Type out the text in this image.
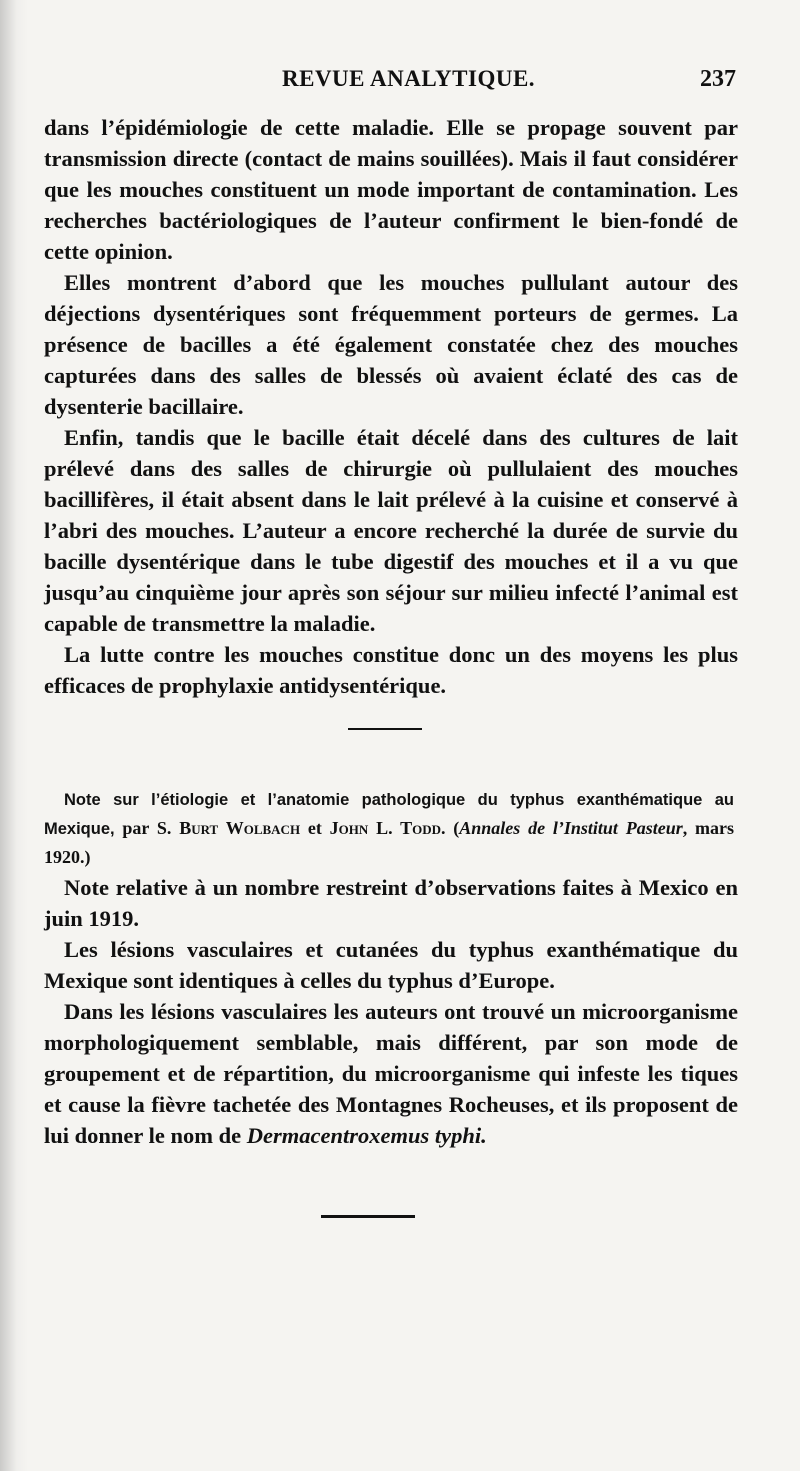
REVUE ANALYTIQUE.	237

dans l’épidémiologie de cette maladie. Elle se propage souvent par transmission directe (contact de mains souillées). Mais il faut considérer que les mouches constituent un mode important de contamination. Les recherches bactériologiques de l’auteur confirment le bien-fondé de cette opinion.

Elles montrent d’abord que les mouches pullulant autour des déjections dysentériques sont fréquemment porteurs de germes. La présence de bacilles a été également constatée chez des mouches capturées dans des salles de blessés où avaient éclaté des cas de dysenterie bacillaire.

Enfin, tandis que le bacille était décelé dans des cultures de lait prélevé dans des salles de chirurgie où pullulaient des mouches bacillifères, il était absent dans le lait prélevé à la cuisine et conservé à l’abri des mouches. L’auteur a encore recherché la durée de survie du bacille dysentérique dans le tube digestif des mouches et il a vu que jusqu’au cinquième jour après son séjour sur milieu infecté l’animal est capable de transmettre la maladie.

La lutte contre les mouches constitue donc un des moyens les plus efficaces de prophylaxie antidysentérique.

Note sur l’étiologie et l’anatomie pathologique du typhus exanthématique au Mexique, par S. Burt Wolbach et John L. Todd. (Annales de l’Institut Pasteur, mars 1920.)

Note relative à un nombre restreint d’observations faites à Mexico en juin 1919.

Les lésions vasculaires et cutanées du typhus exanthématique du Mexique sont identiques à celles du typhus d’Europe.

Dans les lésions vasculaires les auteurs ont trouvé un microorganisme morphologiquement semblable, mais différent, par son mode de groupement et de répartition, du microorganisme qui infeste les tiques et cause la fièvre tachetée des Montagnes Rocheuses, et ils proposent de lui donner le nom de Dermacentroxemus typhi.
